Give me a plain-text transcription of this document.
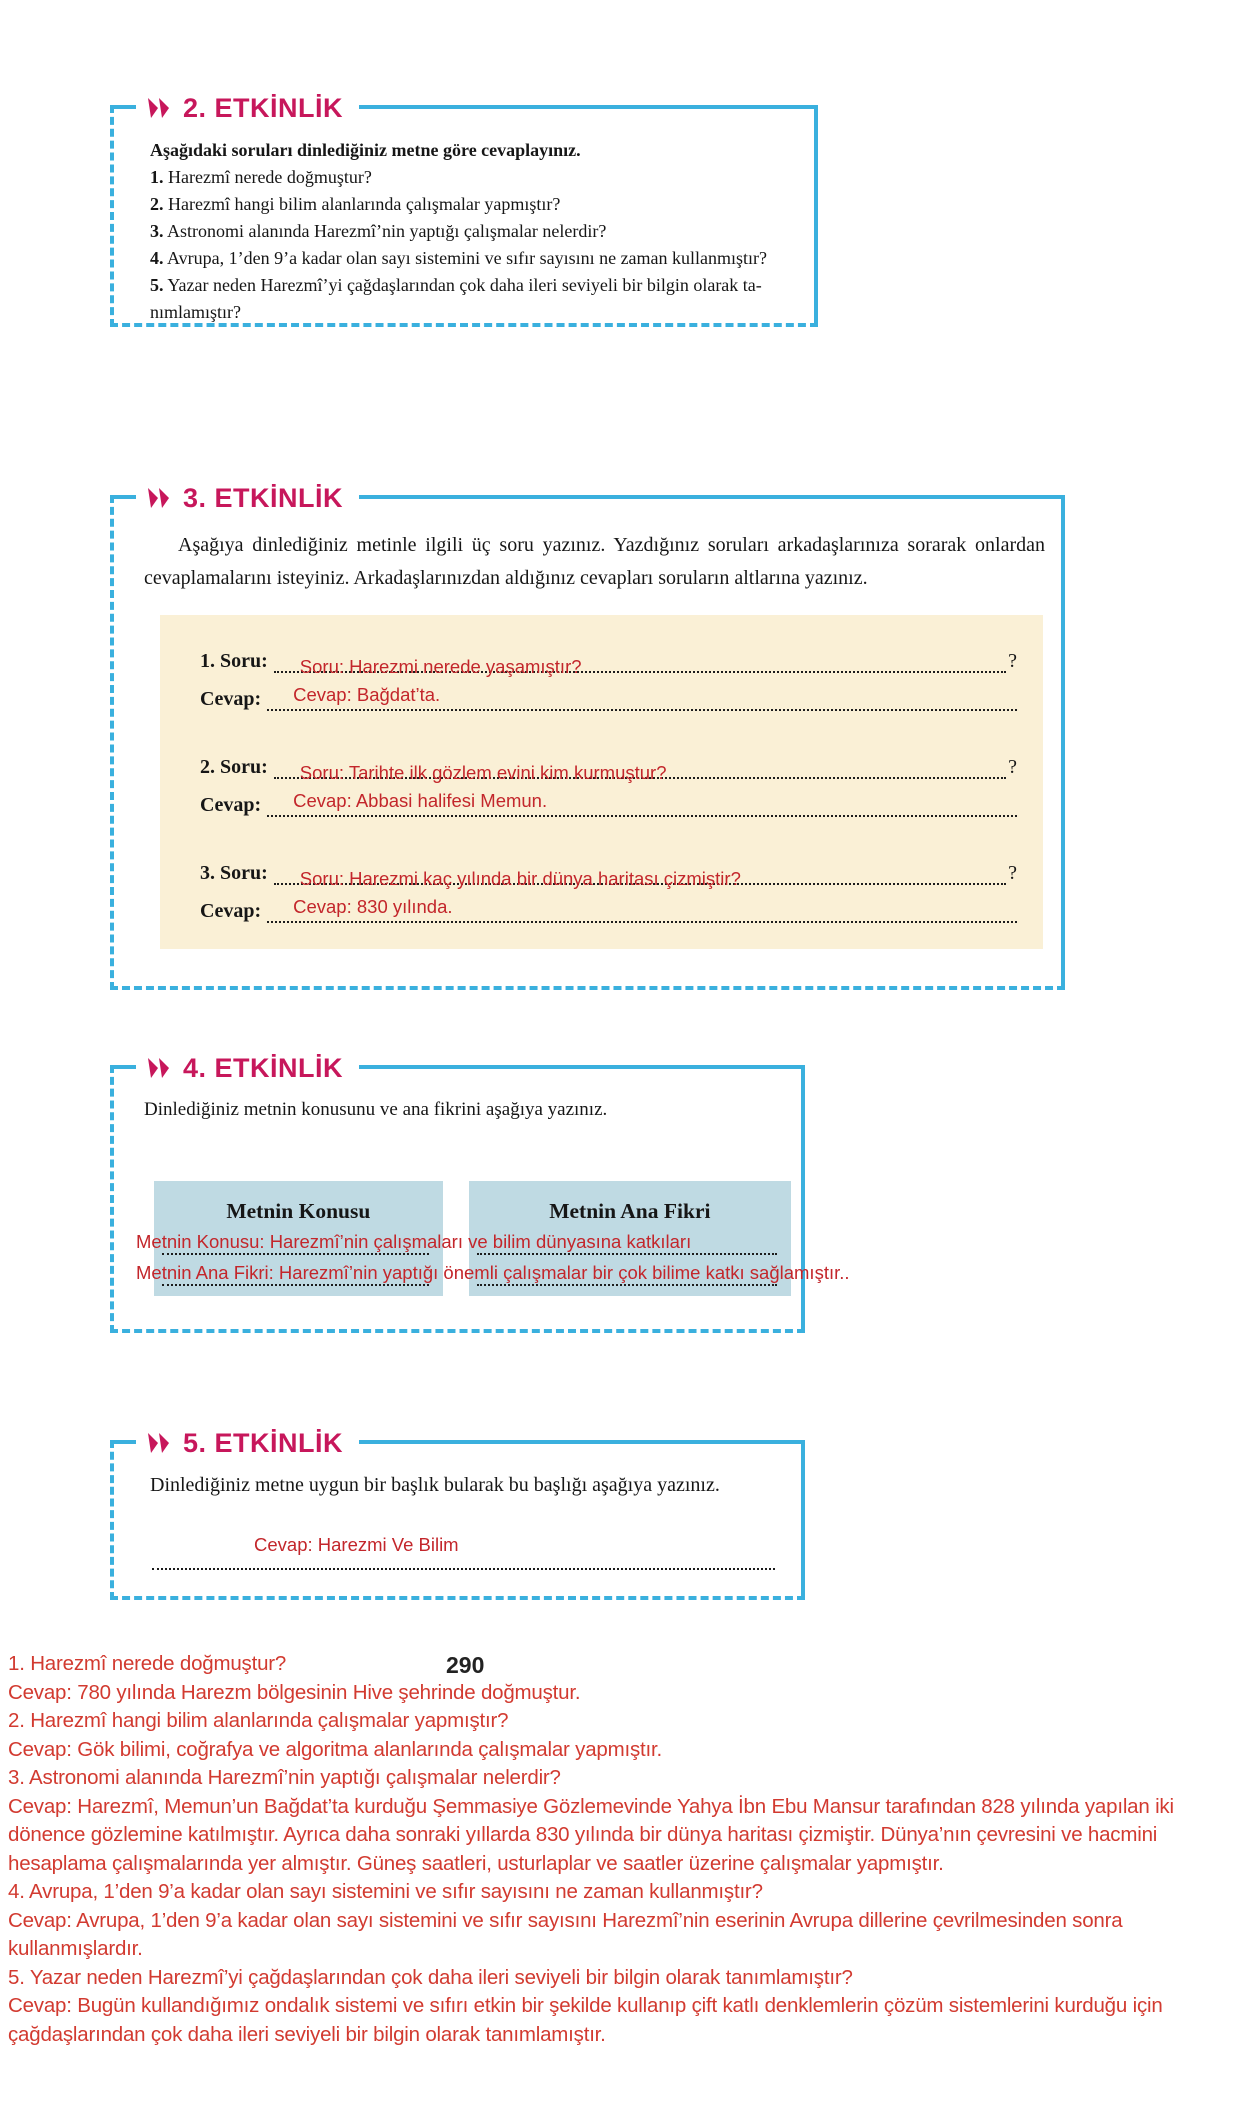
2. ETKİNLİK
Aşağıdaki soruları dinlediğiniz metne göre cevaplayınız.
1. Harezmî nerede doğmuştur?
2. Harezmî hangi bilim alanlarında çalışmalar yapmıştır?
3. Astronomi alanında Harezmî’nin yaptığı çalışmalar nelerdir?
4. Avrupa, 1’den 9’a kadar olan sayı sistemini ve sıfır sayısını ne zaman kullanmıştır?
5. Yazar neden Harezmî’yi çağdaşlarından çok daha ileri seviyeli bir bilgin olarak ta-nımlamıştır?
3. ETKİNLİK

Aşağıya dinlediğiniz metinle ilgili üç soru yazınız. Yazdığınız soruları arkadaşlarınıza sorarak onlardan cevaplamalarını isteyiniz. Arkadaşlarınızdan aldığınız cevapları soruların altlarına yazınız.

1. Soru:	Soru: Harezmi nerede yaşamıştır?	?
Cevap:	Cevap: Bağdat’ta.
2. Soru:	Soru: Tarihte ilk gözlem evini kim kurmuştur?	?
Cevap:	Cevap: Abbasi halifesi Memun.
3. Soru:	Soru: Harezmi kaç yılında bir dünya haritası çizmiştir?	?
Cevap:	Cevap: 830 yılında.
4. ETKİNLİK
Dinlediğiniz metnin konusunu ve ana fikrini aşağıya yazınız.
Metnin Konusu	Metnin Ana Fikri
Metnin Konusu: Harezmî’nin çalışmaları ve bilim dünyasına katkıları
Metnin Ana Fikri: Harezmî’nin yaptığı önemli çalışmalar bir çok bilime katkı sağlamıştır..
5. ETKİNLİK
Dinlediğiniz metne uygun bir başlık bularak bu başlığı aşağıya yazınız.
Cevap: Harezmi Ve Bilim
290

1. Harezmî nerede doğmuştur?

Cevap: 780 yılında Harezm bölgesinin Hive şehrinde doğmuştur.

2. Harezmî hangi bilim alanlarında çalışmalar yapmıştır?

Cevap: Gök bilimi, coğrafya ve algoritma alanlarında çalışmalar yapmıştır.

3. Astronomi alanında Harezmî’nin yaptığı çalışmalar nelerdir?

Cevap: Harezmî, Memun’un Bağdat’ta kurduğu Şemmasiye Gözlemevinde Yahya İbn Ebu Mansur tarafından 828 yılında yapılan iki dönence gözlemine katılmıştır. Ayrıca daha sonraki yıllarda 830 yılında bir dünya haritası çizmiştir. Dünya’nın çevresini ve hacmini hesaplama çalışmalarında yer almıştır. Güneş saatleri, usturlaplar ve saatler üzerine çalışmalar yapmıştır.

4. Avrupa, 1’den 9’a kadar olan sayı sistemini ve sıfır sayısını ne zaman kullanmıştır?

Cevap: Avrupa, 1’den 9’a kadar olan sayı sistemini ve sıfır sayısını Harezmî’nin eserinin Avrupa dillerine çevrilmesinden sonra kullanmışlardır.

5. Yazar neden Harezmî’yi çağdaşlarından çok daha ileri seviyeli bir bilgin olarak tanımlamıştır?

Cevap: Bugün kullandığımız ondalık sistemi ve sıfırı etkin bir şekilde kullanıp çift katlı denklemlerin çözüm sistemlerini kurduğu için çağdaşlarından çok daha ileri seviyeli bir bilgin olarak tanımlamıştır.
